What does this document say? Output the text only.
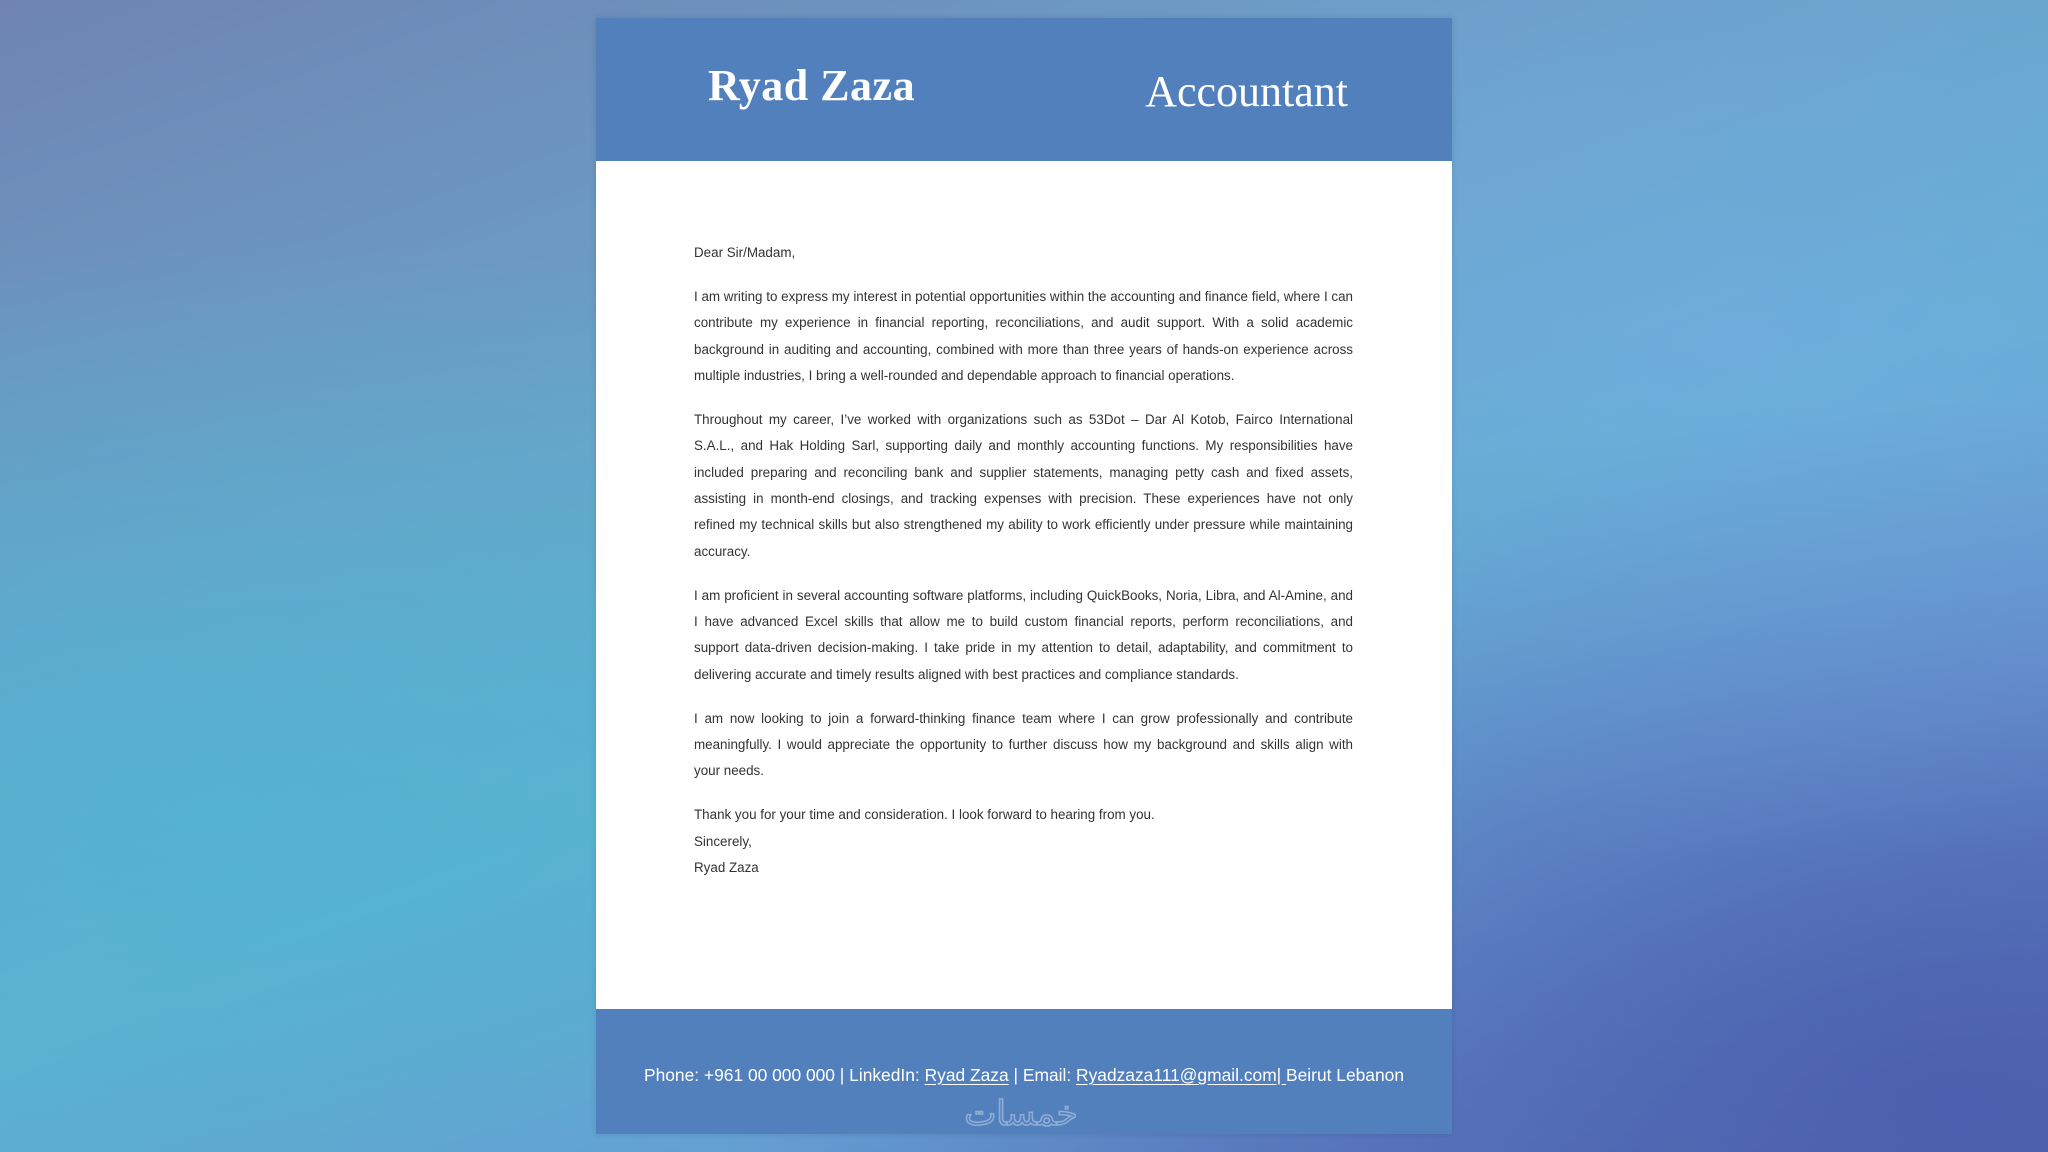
Ryad Zaza	Accountant

Dear Sir/Madam,

I am writing to express my interest in potential opportunities within the accounting and finance field, where I can contribute my experience in financial reporting, reconciliations, and audit support. With a solid academic background in auditing and accounting, combined with more than three years of hands-on experience across multiple industries, I bring a well-rounded and dependable approach to financial operations.

Throughout my career, I’ve worked with organizations such as 53Dot – Dar Al Kotob, Fairco International S.A.L., and Hak Holding Sarl, supporting daily and monthly accounting functions. My responsibilities have included preparing and reconciling bank and supplier statements, managing petty cash and fixed assets, assisting in month-end closings, and tracking expenses with precision. These experiences have not only refined my technical skills but also strengthened my ability to work efficiently under pressure while maintaining accuracy.

I am proficient in several accounting software platforms, including QuickBooks, Noria, Libra, and Al-Amine, and I have advanced Excel skills that allow me to build custom financial reports, perform reconciliations, and support data-driven decision-making. I take pride in my attention to detail, adaptability, and commitment to delivering accurate and timely results aligned with best practices and compliance standards.

I am now looking to join a forward-thinking finance team where I can grow professionally and contribute meaningfully. I would appreciate the opportunity to further discuss how my background and skills align with your needs.

Thank you for your time and consideration. I look forward to hearing from you.

Sincerely,

Ryad Zaza

Phone: +961 00 000 000 | LinkedIn: Ryad Zaza | Email: Ryadzaza111@gmail.com| Beirut Lebanon
خمسات
